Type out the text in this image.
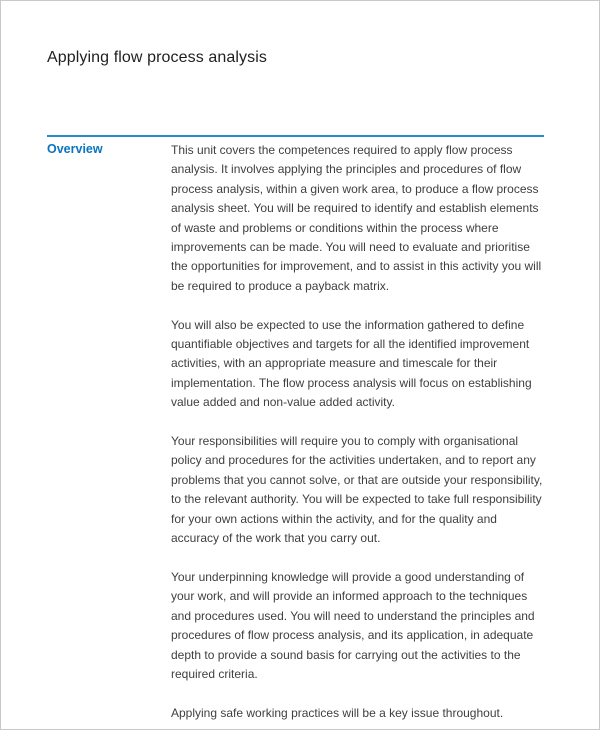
Applying flow process analysis
Overview	This unit covers the competences required to apply flow process analysis. It involves applying the principles and procedures of flow process analysis, within a given work area, to produce a flow process analysis sheet. You will be required to identify and establish elements of waste and problems or conditions within the process where improvements can be made. You will need to evaluate and prioritise the opportunities for improvement, and to assist in this activity you will be required to produce a payback matrix.

You will also be expected to use the information gathered to define quantifiable objectives and targets for all the identified improvement activities, with an appropriate measure and timescale for their implementation. The flow process analysis will focus on establishing value added and non-value added activity.

Your responsibilities will require you to comply with organisational policy and procedures for the activities undertaken, and to report any problems that you cannot solve, or that are outside your responsibility, to the relevant authority. You will be expected to take full responsibility for your own actions within the activity, and for the quality and accuracy of the work that you carry out.

Your underpinning knowledge will provide a good understanding of your work, and will provide an informed approach to the techniques and procedures used. You will need to understand the principles and procedures of flow process analysis, and its application, in adequate depth to provide a sound basis for carrying out the activities to the required criteria.

Applying safe working practices will be a key issue throughout.
